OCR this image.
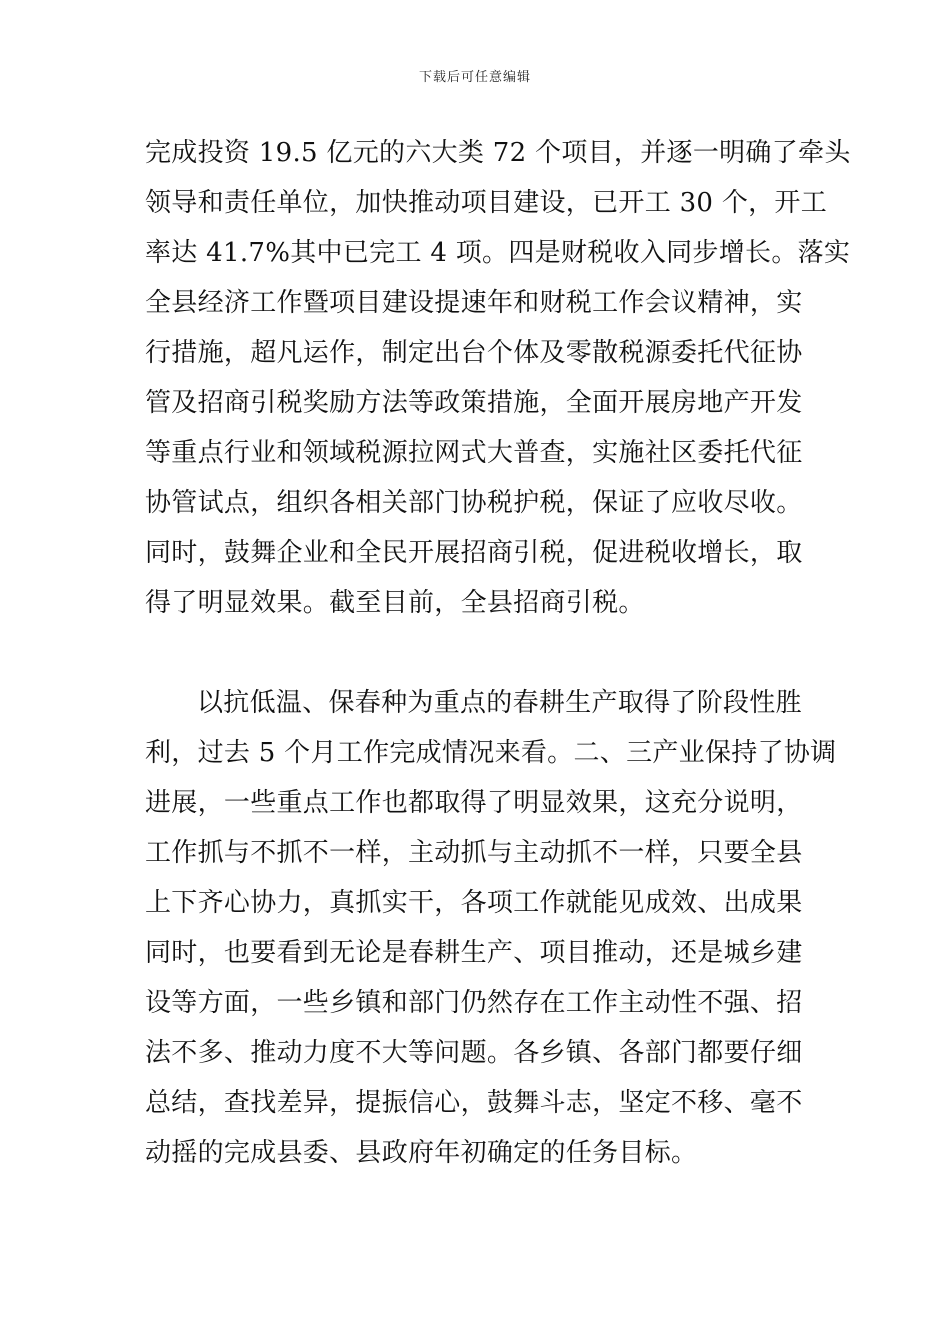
下载后可任意编辑
完成投资 19.5 亿元的六大类 72 个项目，并逐一明确了牵头
领导和责任单位，加快推动项目建设，已开工 30 个，开工
率达 41.7%其中已完工 4 项。四是财税收入同步增长。落实
全县经济工作暨项目建设提速年和财税工作会议精神，实
行措施，超凡运作，制定出台个体及零散税源委托代征协
管及招商引税奖励方法等政策措施，全面开展房地产开发
等重点行业和领域税源拉网式大普查，实施社区委托代征
协管试点，组织各相关部门协税护税，保证了应收尽收。
同时，鼓舞企业和全民开展招商引税，促进税收增长，取
得了明显效果。截至目前，全县招商引税。
以抗低温、保春种为重点的春耕生产取得了阶段性胜
利，过去 5 个月工作完成情况来看。二、三产业保持了协调
进展，一些重点工作也都取得了明显效果，这充分说明，
工作抓与不抓不一样，主动抓与主动抓不一样，只要全县
上下齐心协力，真抓实干，各项工作就能见成效、出成果
同时，也要看到无论是春耕生产、项目推动，还是城乡建
设等方面，一些乡镇和部门仍然存在工作主动性不强、招
法不多、推动力度不大等问题。各乡镇、各部门都要仔细
总结，查找差异，提振信心，鼓舞斗志，坚定不移、毫不
动摇的完成县委、县政府年初确定的任务目标。
